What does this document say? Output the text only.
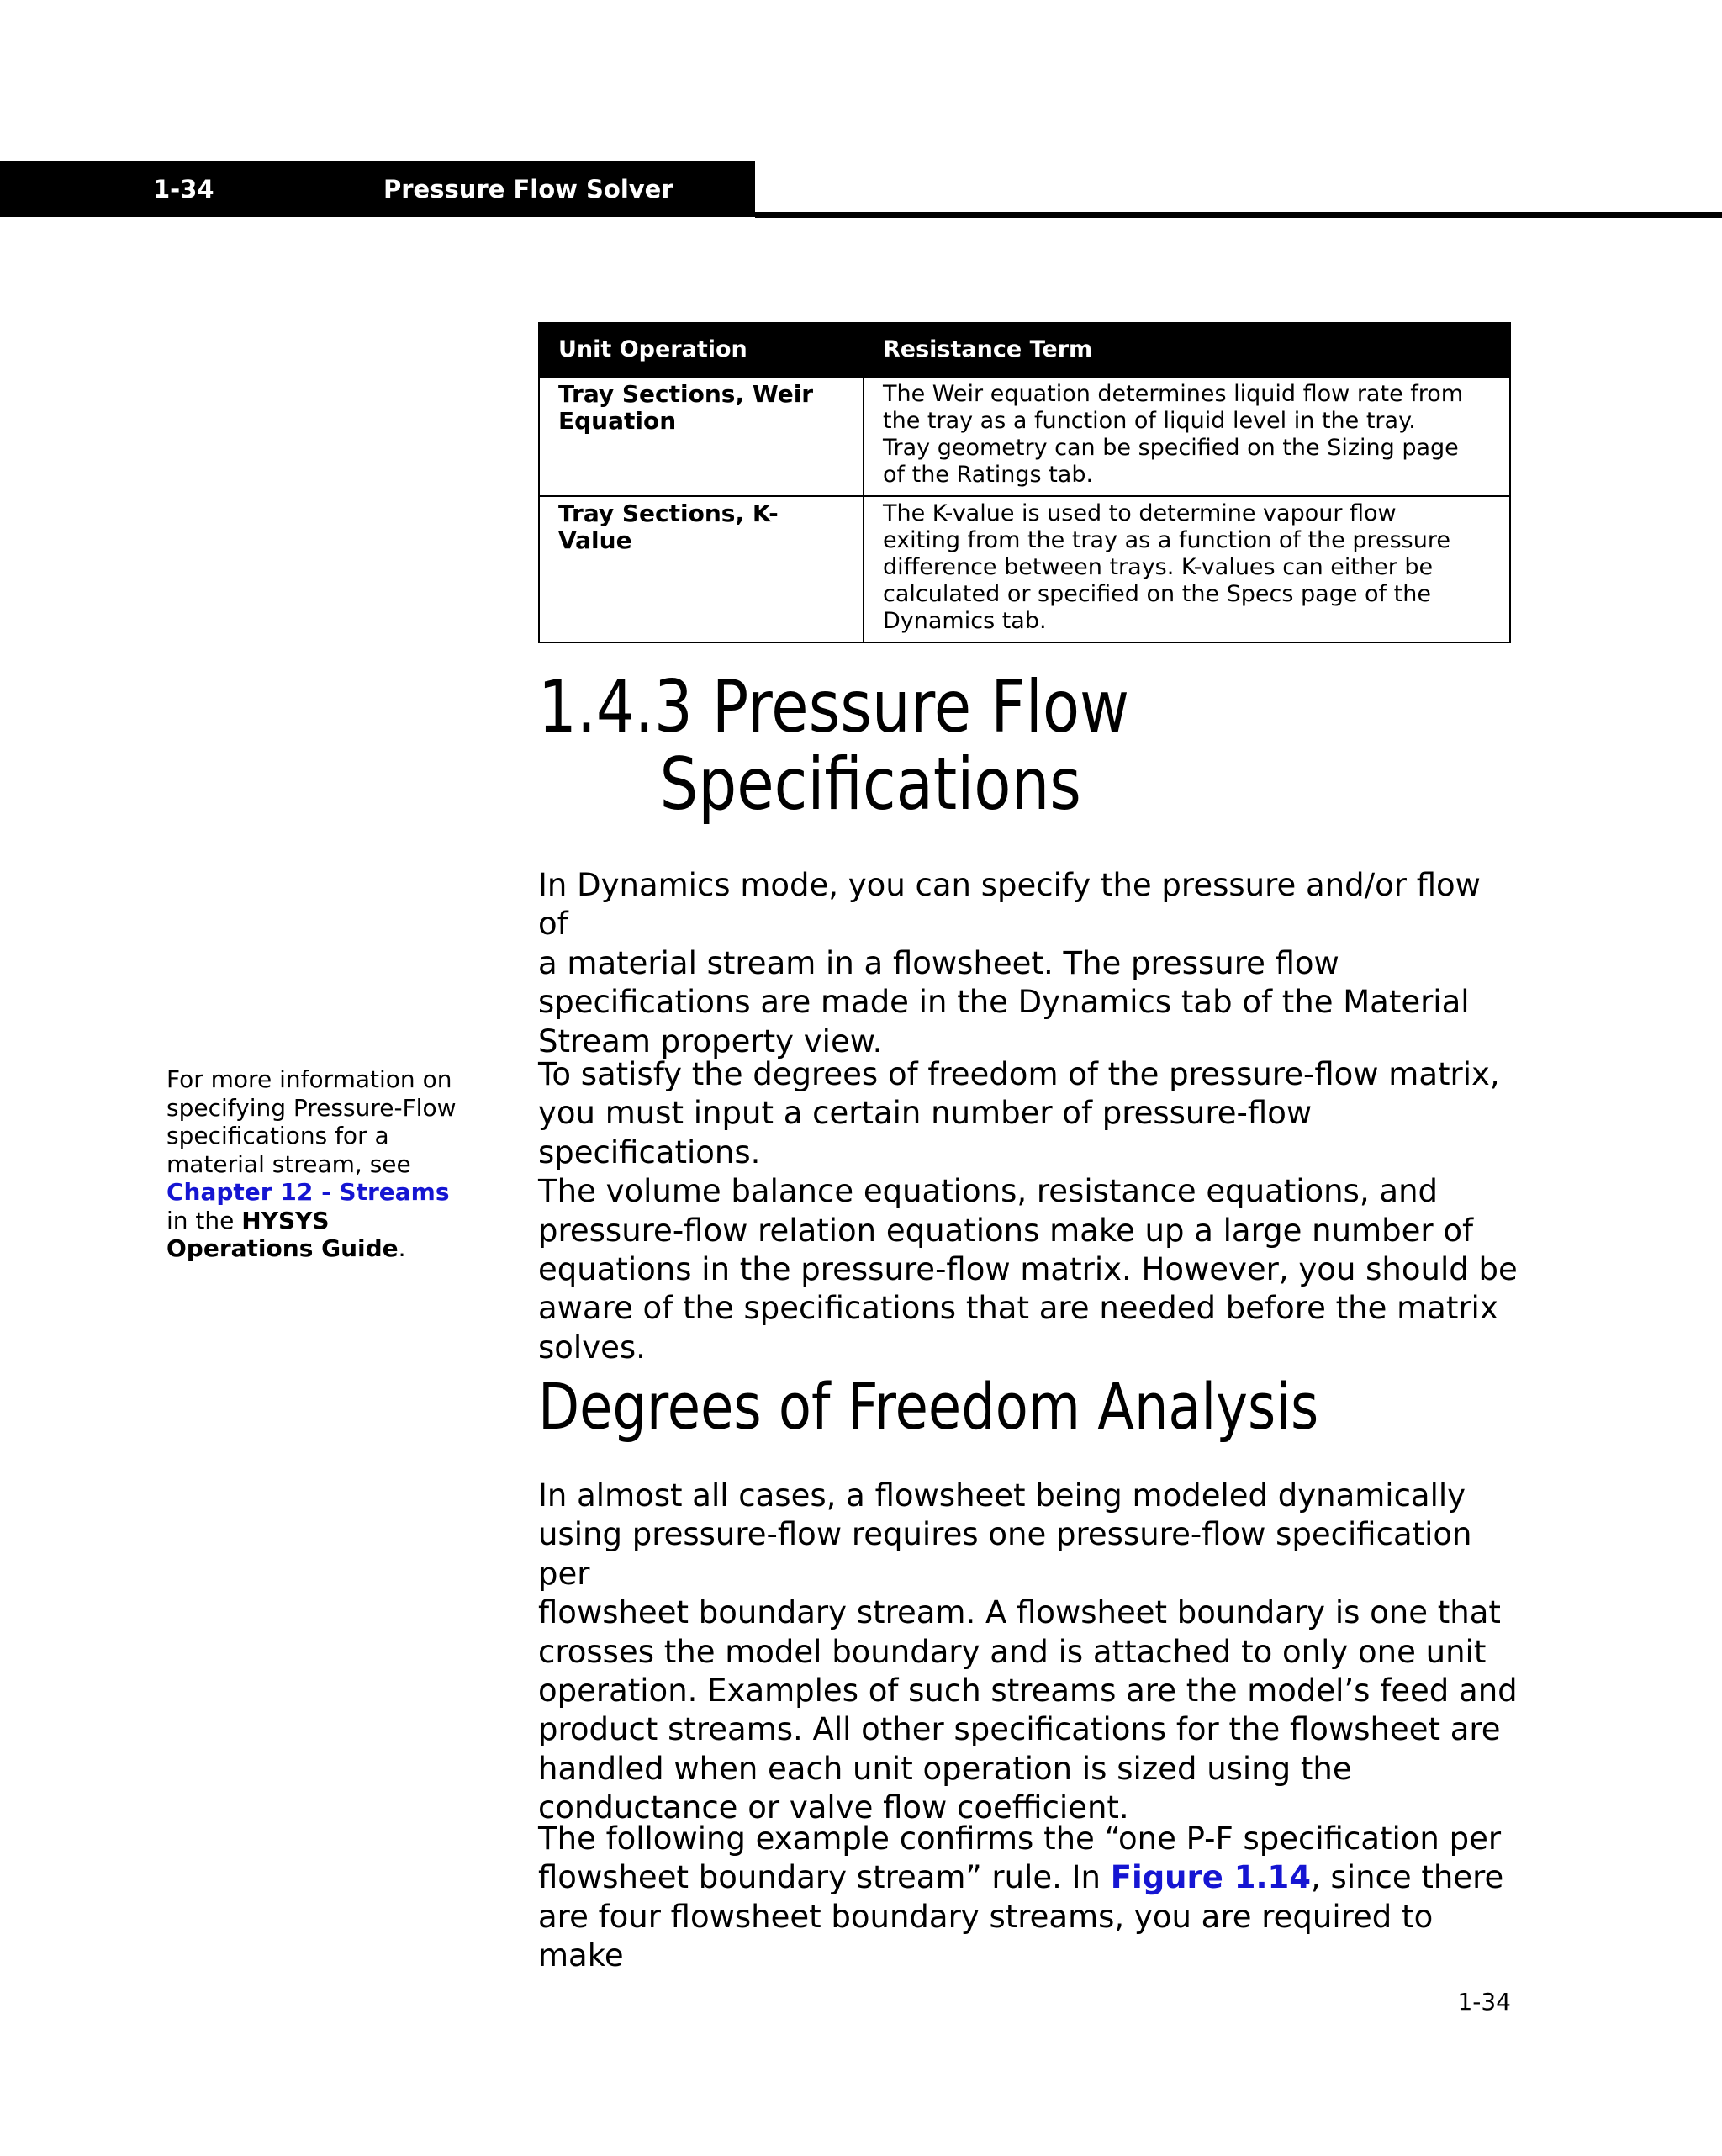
1-34	Pressure Flow Solver
Unit Operation	Resistance Term
Tray Sections, Weir
Equation	The Weir equation determines liquid flow rate from
the tray as a function of liquid level in the tray.
Tray geometry can be specified on the Sizing page
of the Ratings tab.
Tray Sections, K-
Value	The K-value is used to determine vapour flow
exiting from the tray as a function of the pressure
difference between trays. K-values can either be
calculated or specified on the Specs page of the
Dynamics tab.
1.4.3 Pressure Flow
Specifications

In Dynamics mode, you can specify the pressure and/or flow of
a material stream in a flowsheet. The pressure flow
specifications are made in the Dynamics tab of the Material
Stream property view.

For more information on
specifying Pressure-Flow
specifications for a
material stream, see
Chapter 12 - Streams
in the HYSYS
Operations Guide.

To satisfy the degrees of freedom of the pressure-flow matrix,
you must input a certain number of pressure-flow specifications.
The volume balance equations, resistance equations, and
pressure-flow relation equations make up a large number of
equations in the pressure-flow matrix. However, you should be
aware of the specifications that are needed before the matrix
solves.

Degrees of Freedom Analysis

In almost all cases, a flowsheet being modeled dynamically
using pressure-flow requires one pressure-flow specification per
flowsheet boundary stream. A flowsheet boundary is one that
crosses the model boundary and is attached to only one unit
operation. Examples of such streams are the model’s feed and
product streams. All other specifications for the flowsheet are
handled when each unit operation is sized using the
conductance or valve flow coefficient.

The following example confirms the “one P-F specification per
flowsheet boundary stream” rule. In Figure 1.14, since there
are four flowsheet boundary streams, you are required to make

1-34
